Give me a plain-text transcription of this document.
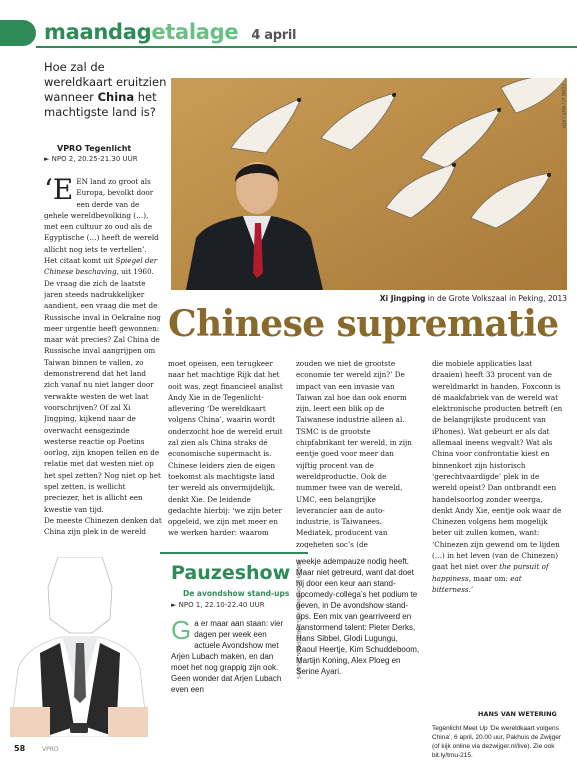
maandagetalage 4 april
Hoe zal de wereldkaart eruitzien wanneer China het machtigste land is?
VPRO Tegenlicht
► NPO 2, 20.25-21.30 UUR
FENG LI / ANP / AFP
Xi Jingping in de Grote Volkszaal in Peking, 2013
Chinese suprematie
‘E EN land zo groot als Europa, bevolkt door een derde van de gehele wereldbevolking (…), met een cultuur zo oud als de Egyptische (…) heeft de wereld allicht nog iets te vertellen’. Het citaat komt uit Spiegel der Chinese beschaving, uit 1960. De vraag die zich de laatste jaren steeds nadrukkelijker aandient, een vraag die met de Russische inval in Oekraïne nog meer urgentie heeft gewonnen: maar wát precies? Zal China de Russische inval aangrijpen om Taiwan binnen te vallen, zo demonstrerend dat het land zich vanaf nu niet langer door verwakte westen de wet laat voorschrijven? Of zal Xi Jingping, kijkend naar de overwacht eensgezinde westerse reactie op Poetins oorlog, zijn knopen tellen en de relatie met dat westen niet op het spel zetten? Nog niet op het spel zetten, is wellicht preciezer, het is allicht een kwestie van tijd.

De meeste Chinezen denken dat China zijn plek in de wereld

moet opeisen, een terugkeer naar het machtige Rijk dat het ooit was, zegt financieel analist Andy Xie in de Tegenlicht-aflevering ‘De wereldkaart volgens China’, waarin wordt onderzocht hoe de wereld eruit zal zien als China straks dé economische supermacht is. Chinese leiders zien de eigen toekomst als machtigste land ter wereld als onvermijdelijk, denkt Xie. De leidende gedachte hierbij: ‘we zijn beter opgeleid, we zijn met meer en we werken harder: waarom
zouden we niet de grootste economie ter wereld zijn?’ De impact van een invasie van Taiwan zal hoe dan ook enorm zijn, leert een blik op de Taiwanese industrie alleen al. TSMC is de grootste chipfabrikant ter wereld, in zijn eentje goed voor meer dan vijftig procent van de wereldproductie. Ook de nummer twee van de wereld, UMC, een belangrijke leverancier aan de auto-industrie, is Taiwanees. Mediatek, producent van zogeheten soc’s (de
die mobiele applicaties laat draaien) heeft 33 procent van de wereldmarkt in handen. Foxconn is dé maakfabriek van de wereld wat elektronische producten betreft (en de belangrijkste producent van iPhones). Wat gebeurt er als dat allemaal ineens wegvalt? Wat als China voor confrontatie kiest en binnenkort zijn historisch ‘gerechtvaardigde’ plek in de wereld opeist? Dan ontbrandt een handelsoorlog zonder weerga, denkt Andy Xie, eentje ook waar de Chinezen volgens hem mogelijk beter uit zullen komen, want: ‘Chinezen zijn gewend om te lijden (…) in het leven (van de Chinezen) gaat het niet over the pursuit of happiness, maar om: eat bitterness.’
HANS VAN WETERING
Tegenlicht Meet Up ‘De wereldkaart volgens China’, 6 april, 20.00 uur, Pakhuis de Zwijger (of kijk online via dezwijger.nl/live). Zie ook bit.ly/tmu-215.
Pauzeshow
De avondshow stand-ups
► NPO 1, 22.10-22.40 UUR	MERLIJN DOOMERNIK / BEELD MEENEMING STUDIO'S
Ga er maar aan staan: vier dagen per week een actuele Avondshow met Arjen Lubach maken, en dan moet het nog grappig zijn ook. Geen wonder dat Arjen Lubach even een
weekje adempauze nodig heeft. Maar niet getreurd, want dat doet hij door een keur aan stand-upcomedy-collega’s het podium te geven, in De avondshow stand-ups. Een mix van gearriveerd en aanstormend talent: Pieter Derks, Hans Sibbel, Glodi Lugungu, Raoul Heertje, Kim Schuddeboom, Martijn Koning, Alex Ploeg en Serine Ayari.
58	VPRO
